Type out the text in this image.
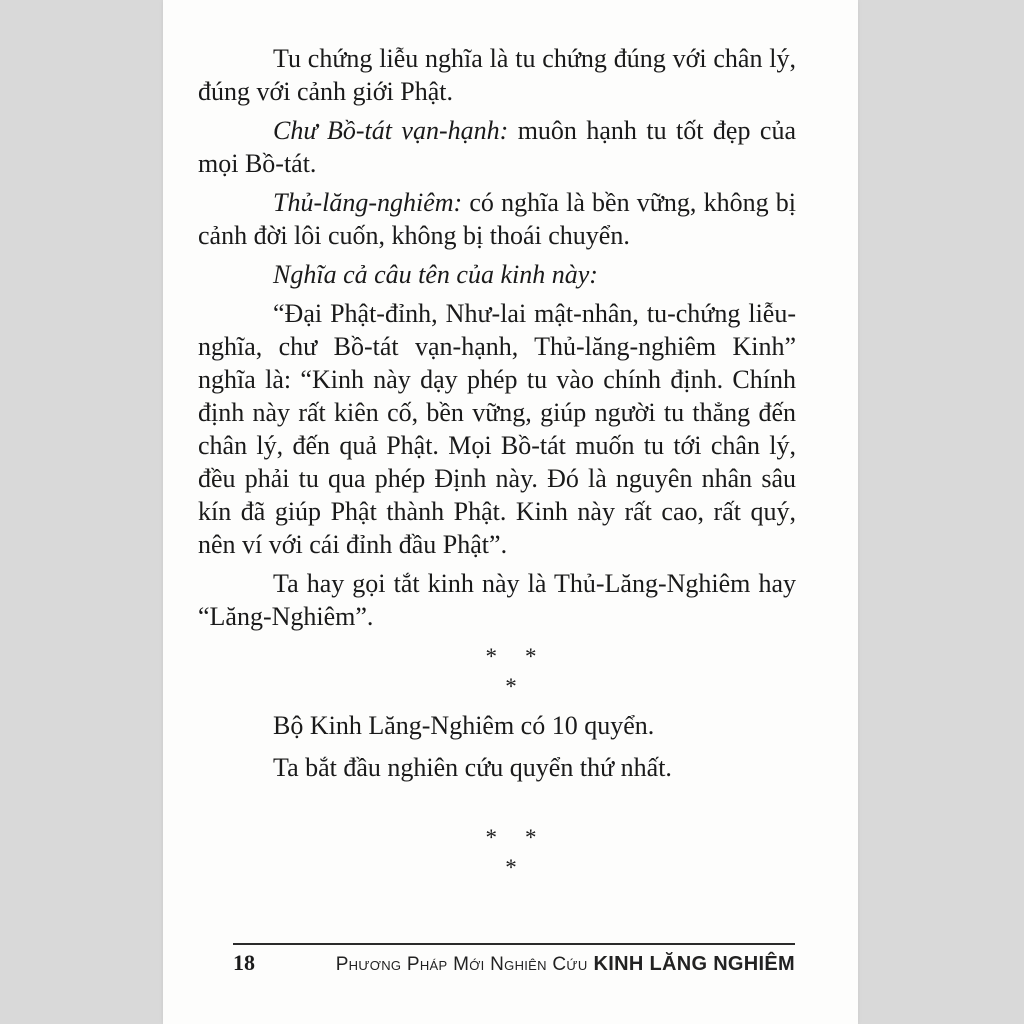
Tu chứng liễu nghĩa là tu chứng đúng với chân lý, đúng với cảnh giới Phật.

Chư Bồ-tát vạn-hạnh: muôn hạnh tu tốt đẹp của mọi Bồ-tát.

Thủ-lăng-nghiêm: có nghĩa là bền vững, không bị cảnh đời lôi cuốn, không bị thoái chuyển.

Nghĩa cả câu tên của kinh này:

“Đại Phật-đỉnh, Như-lai mật-nhân, tu-chứng liễu-nghĩa, chư Bồ-tát vạn-hạnh, Thủ-lăng-nghiêm Kinh” nghĩa là: “Kinh này dạy phép tu vào chính định. Chính định này rất kiên cố, bền vững, giúp người tu thẳng đến chân lý, đến quả Phật. Mọi Bồ-tát muốn tu tới chân lý, đều phải tu qua phép Định này. Đó là nguyên nhân sâu kín đã giúp Phật thành Phật. Kinh này rất cao, rất quý, nên ví với cái đỉnh đầu Phật”.

Ta hay gọi tắt kinh này là Thủ-Lăng-Nghiêm hay “Lăng-Nghiêm”.

* *
*

Bộ Kinh Lăng-Nghiêm có 10 quyển.

Ta bắt đầu nghiên cứu quyển thứ nhất.

* *
*
18	Phương Pháp Mới Nghiên Cứu KINH LĂNG NGHIÊM
